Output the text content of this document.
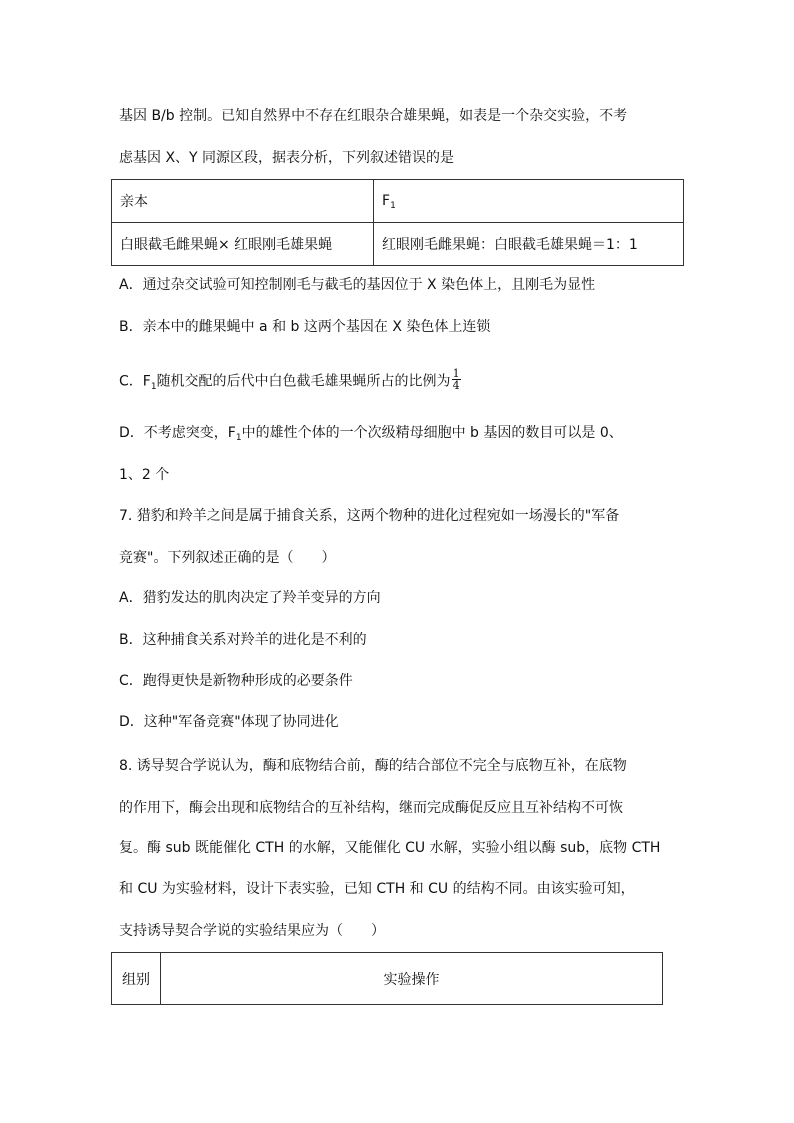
基因 B/b 控制。已知自然界中不存在红眼杂合雄果蝇，如表是一个杂交实验，不考
虑基因 X、Y 同源区段，据表分析，下列叙述错误的是
亲本	$F_1$
白眼截毛雌果蝇× 红眼刚毛雄果蝇	红眼刚毛雌果蝇：白眼截毛雄果蝇＝1：1
A．通过杂交试验可知控制刚毛与截毛的基因位于 X 染色体上，且刚毛为显性
B．亲本中的雌果蝇中 a 和 b 这两个基因在 X 染色体上连锁
C．$F_1$随机交配的后代中白色截毛雄果蝇所占的比例为 $\frac{1}{4}$
D．不考虑突变，$F_1$中的雄性个体的一个次级精母细胞中 b 基因的数目可以是 0、
1、2 个
7. 猎豹和羚羊之间是属于捕食关系，这两个物种的进化过程宛如一场漫长的"军备
竞赛"。下列叙述正确的是（　　）
A．猎豹发达的肌肉决定了羚羊变异的方向
B．这种捕食关系对羚羊的进化是不利的
C．跑得更快是新物种形成的必要条件
D．这种"军备竞赛"体现了协同进化
8. 诱导契合学说认为，酶和底物结合前，酶的结合部位不完全与底物互补，在底物
的作用下，酶会出现和底物结合的互补结构，继而完成酶促反应且互补结构不可恢
复。酶 sub 既能催化 CTH 的水解，又能催化 CU 水解，实验小组以酶 sub，底物 CTH
和 CU 为实验材料，设计下表实验，已知 CTH 和 CU 的结构不同。由该实验可知，
支持诱导契合学说的实验结果应为（　　）
组别	实验操作
